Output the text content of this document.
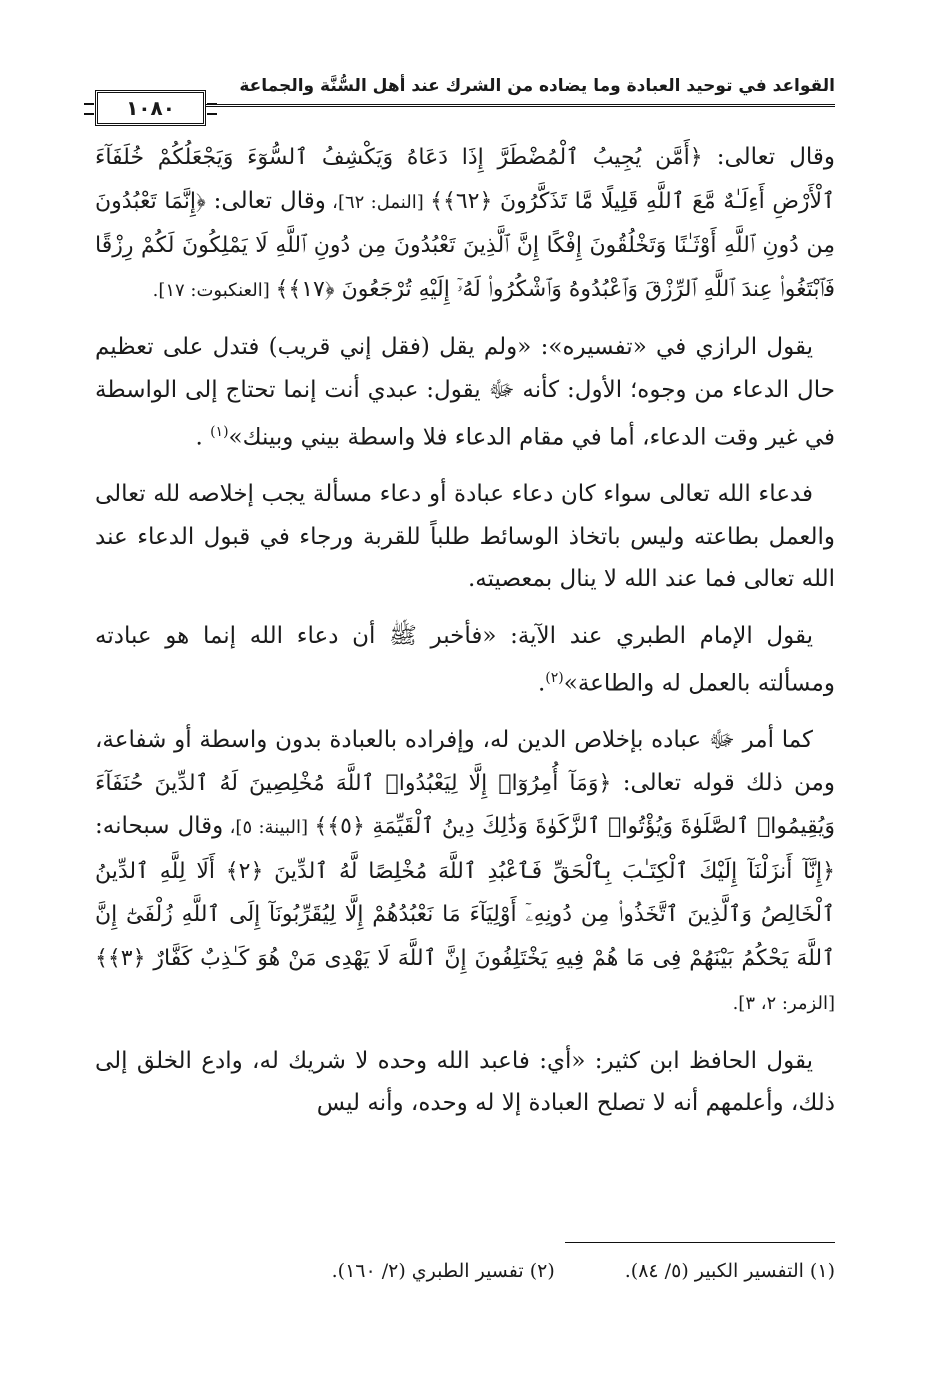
القواعد في توحيد العبادة وما يضاده من الشرك عند أهل السُّنَّة والجماعة
١٠٨٠

وقال تعالى: ﴿أَمَّن يُجِيبُ ٱلْمُضْطَرَّ إِذَا دَعَاهُ وَيَكْشِفُ ٱلسُّوٓءَ وَيَجْعَلُكُمْ خُلَفَآءَ ٱلْأَرْضِ أَءِلَـٰهٌ مَّعَ ٱللَّهِ قَلِيلًا مَّا تَذَكَّرُونَ ﴿٦٢﴾﴾ [النمل: ٦٢]، وقال تعالى: ﴿إِنَّمَا تَعْبُدُونَ مِن دُونِ ٱللَّهِ أَوْثَـٰنًا وَتَخْلُقُونَ إِفْكًا إِنَّ ٱلَّذِينَ تَعْبُدُونَ مِن دُونِ ٱللَّهِ لَا يَمْلِكُونَ لَكُمْ رِزْقًا فَٱبْتَغُوا۟ عِندَ ٱللَّهِ ٱلرِّزْقَ وَٱعْبُدُوهُ وَٱشْكُرُوا۟ لَهُۥٓ إِلَيْهِ تُرْجَعُونَ ﴿١٧﴾﴾ [العنكبوت: ١٧].

يقول الرازي في «تفسيره»: «ولم يقل (فقل إني قريب) فتدل على تعظيم حال الدعاء من وجوه؛ الأول: كأنه ﷻ يقول: عبدي أنت إنما تحتاج إلى الواسطة في غير وقت الدعاء، أما في مقام الدعاء فلا واسطة بيني وبينك»$^{(١)}$ .

فدعاء الله تعالى سواء كان دعاء عبادة أو دعاء مسألة يجب إخلاصه لله تعالى والعمل بطاعته وليس باتخاذ الوسائط طلباً للقربة ورجاء في قبول الدعاء عند الله تعالى فما عند الله لا ينال بمعصيته.

يقول الإمام الطبري عند الآية: «فأخبر ﷺ أن دعاء الله إنما هو عبادته ومسألته بالعمل له والطاعة»$^{(٢)}$.

كما أمر ﷻ عباده بإخلاص الدين له، وإفراده بالعبادة بدون واسطة أو شفاعة، ومن ذلك قوله تعالى: ﴿وَمَآ أُمِرُوٓا۟ إِلَّا لِيَعْبُدُوا۟ ٱللَّهَ مُخْلِصِينَ لَهُ ٱلدِّينَ حُنَفَآءَ وَيُقِيمُوا۟ ٱلصَّلَوٰةَ وَيُؤْتُوا۟ ٱلزَّكَوٰةَ وَذَٰلِكَ دِينُ ٱلْقَيِّمَةِ ﴿٥﴾﴾ [البينة: ٥]، وقال سبحانه: ﴿إِنَّآ أَنزَلْنَآ إِلَيْكَ ٱلْكِتَـٰبَ بِٱلْحَقِّ فَٱعْبُدِ ٱللَّهَ مُخْلِصًا لَّهُ ٱلدِّينَ ﴿٢﴾ أَلَا لِلَّهِ ٱلدِّينُ ٱلْخَالِصُ وَٱلَّذِينَ ٱتَّخَذُوا۟ مِن دُونِهِۦٓ أَوْلِيَآءَ مَا نَعْبُدُهُمْ إِلَّا لِيُقَرِّبُونَآ إِلَى ٱللَّهِ زُلْفَىٰٓ إِنَّ ٱللَّهَ يَحْكُمُ بَيْنَهُمْ فِى مَا هُمْ فِيهِ يَخْتَلِفُونَ إِنَّ ٱللَّهَ لَا يَهْدِى مَنْ هُوَ كَـٰذِبٌ كَفَّارٌ ﴿٣﴾﴾ [الزمر: ٢، ٣].

يقول الحافظ ابن كثير: «أي: فاعبد الله وحده لا شريك له، وادع الخلق إلى ذلك، وأعلمهم أنه لا تصلح العبادة إلا له وحده، وأنه ليس

(١) التفسير الكبير (٥/ ٨٤).
(٢) تفسير الطبري (٢/ ١٦٠).
